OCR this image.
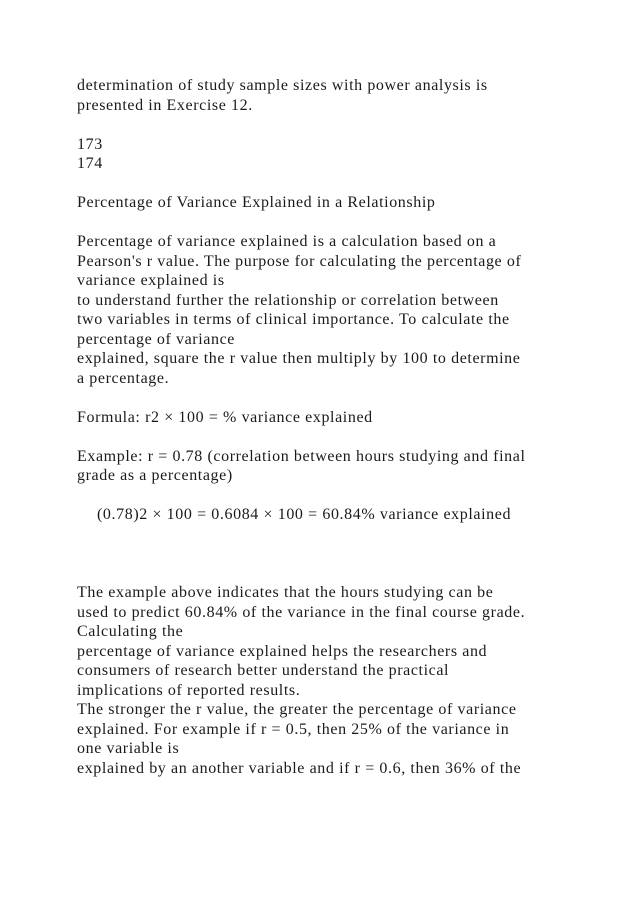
determination of study sample sizes with power analysis is
presented in Exercise 12.
173
174
Percentage of Variance Explained in a Relationship
Percentage of variance explained is a calculation based on a
Pearson's r value. The purpose for calculating the percentage of
variance explained is
to understand further the relationship or correlation between
two variables in terms of clinical importance. To calculate the
percentage of variance
explained, square the r value then multiply by 100 to determine
a percentage.
Formula: r2 × 100 = % variance explained
Example: r = 0.78 (correlation between hours studying and final
grade as a percentage)
(0.78)2 × 100 = 0.6084 × 100 = 60.84% variance explained
The example above indicates that the hours studying can be
used to predict 60.84% of the variance in the final course grade.
Calculating the
percentage of variance explained helps the researchers and
consumers of research better understand the practical
implications of reported results.
The stronger the r value, the greater the percentage of variance
explained. For example if r = 0.5, then 25% of the variance in
one variable is
explained by an another variable and if r = 0.6, then 36% of the
